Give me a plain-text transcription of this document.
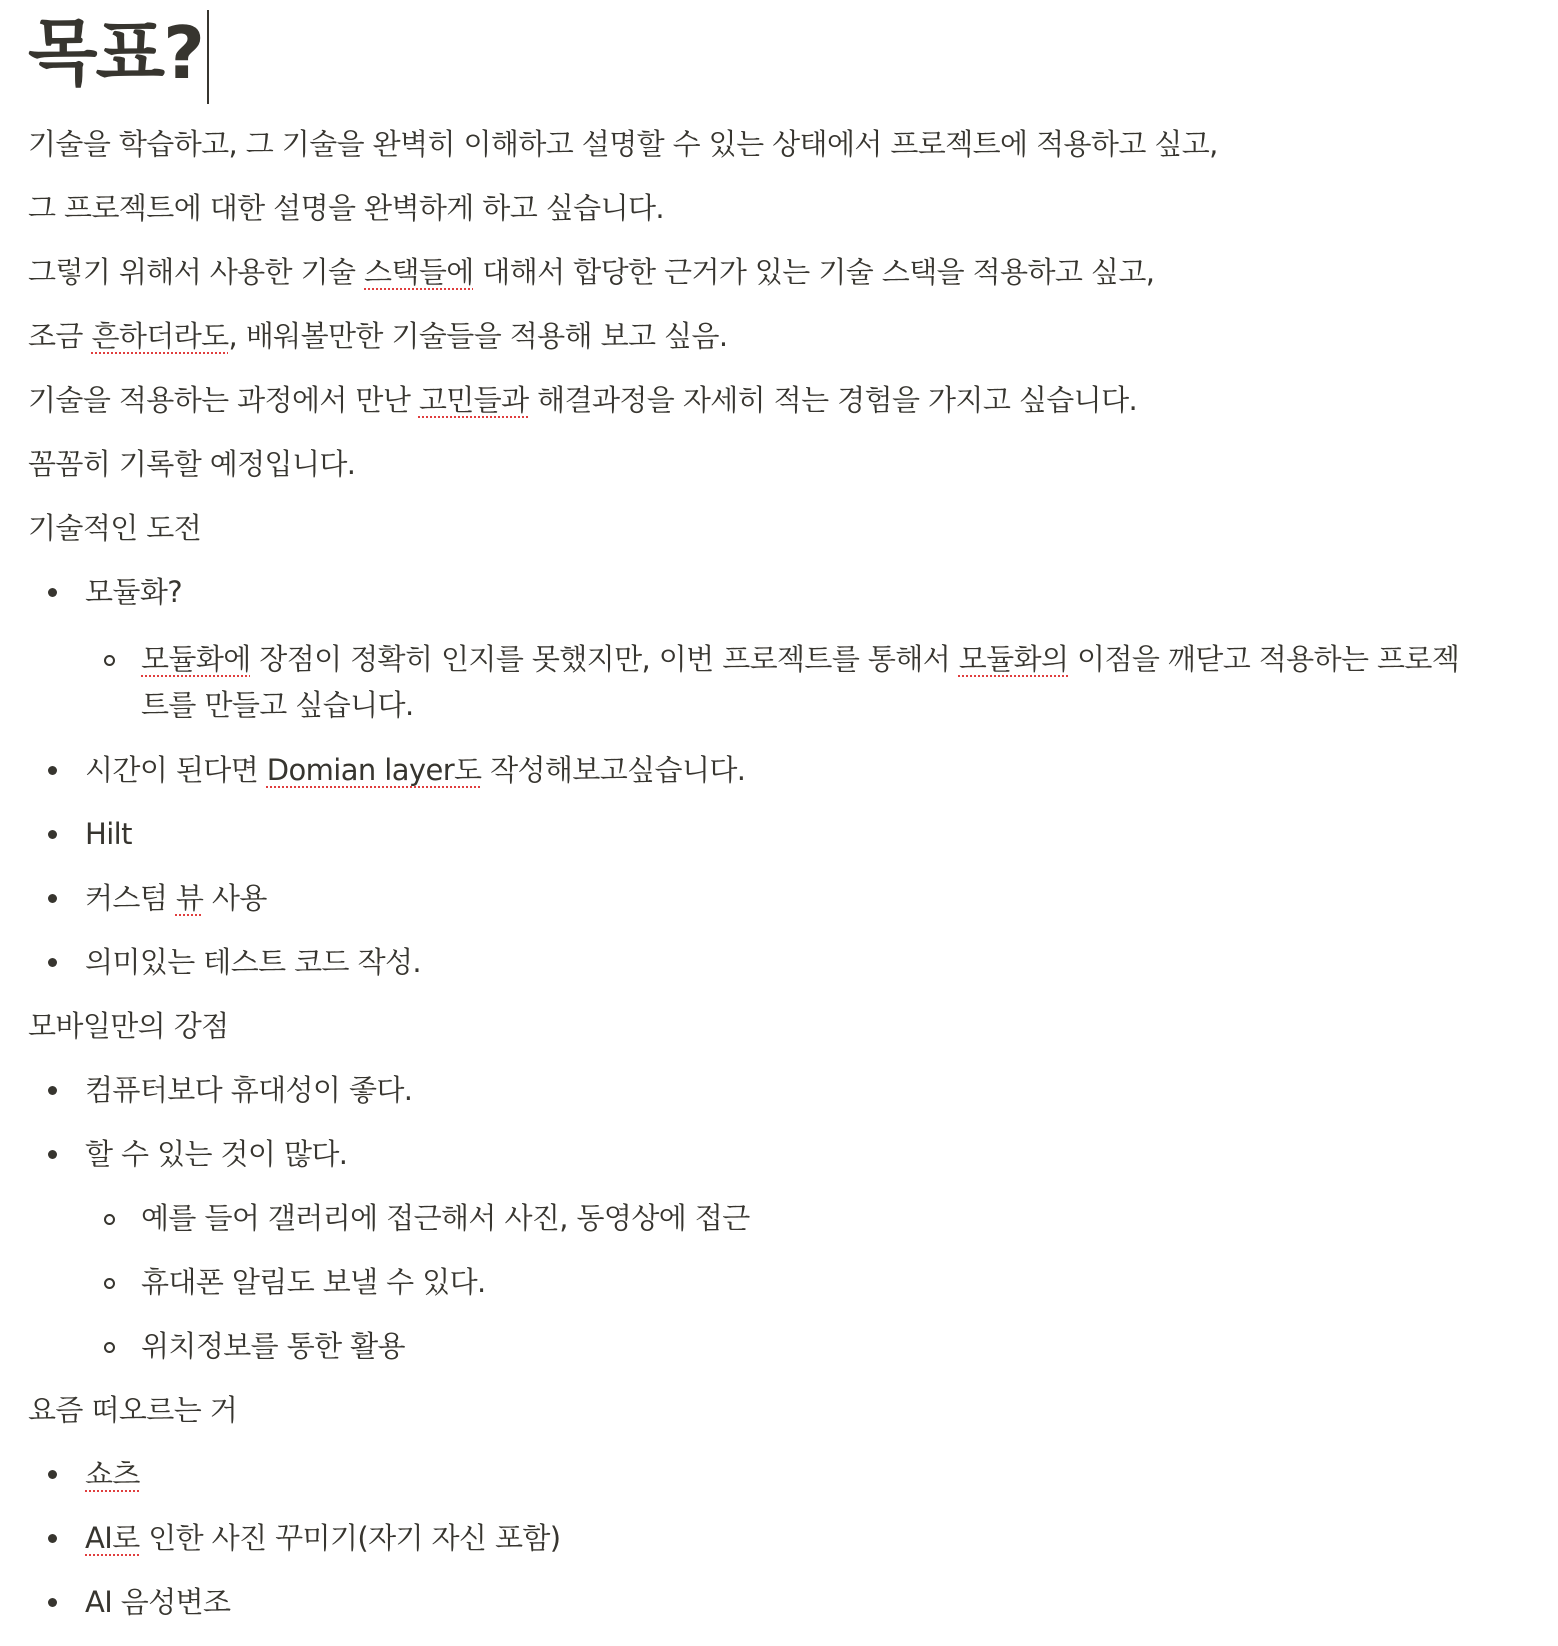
목표?

기술을 학습하고, 그 기술을 완벽히 이해하고 설명할 수 있는 상태에서 프로젝트에 적용하고 싶고,

그 프로젝트에 대한 설명을 완벽하게 하고 싶습니다.

그렇기 위해서 사용한 기술 스택들에 대해서 합당한 근거가 있는 기술 스택을 적용하고 싶고,

조금 흔하더라도, 배워볼만한 기술들을 적용해 보고 싶음.

기술을 적용하는 과정에서 만난 고민들과 해결과정을 자세히 적는 경험을 가지고 싶습니다.

꼼꼼히 기록할 예정입니다.

기술적인 도전

모듈화?
모듈화에 장점이 정확히 인지를 못했지만, 이번 프로젝트를 통해서 모듈화의 이점을 깨닫고 적용하는 프로젝트를 만들고 싶습니다.
시간이 된다면 Domian layer도 작성해보고싶습니다.
Hilt
커스텀 뷰 사용
의미있는 테스트 코드 작성.

모바일만의 강점

컴퓨터보다 휴대성이 좋다.
할 수 있는 것이 많다.
예를 들어 갤러리에 접근해서 사진, 동영상에 접근
휴대폰 알림도 보낼 수 있다.
위치정보를 통한 활용

요즘 떠오르는 거

쇼츠
AI로 인한 사진 꾸미기(자기 자신 포함)
AI 음성변조
